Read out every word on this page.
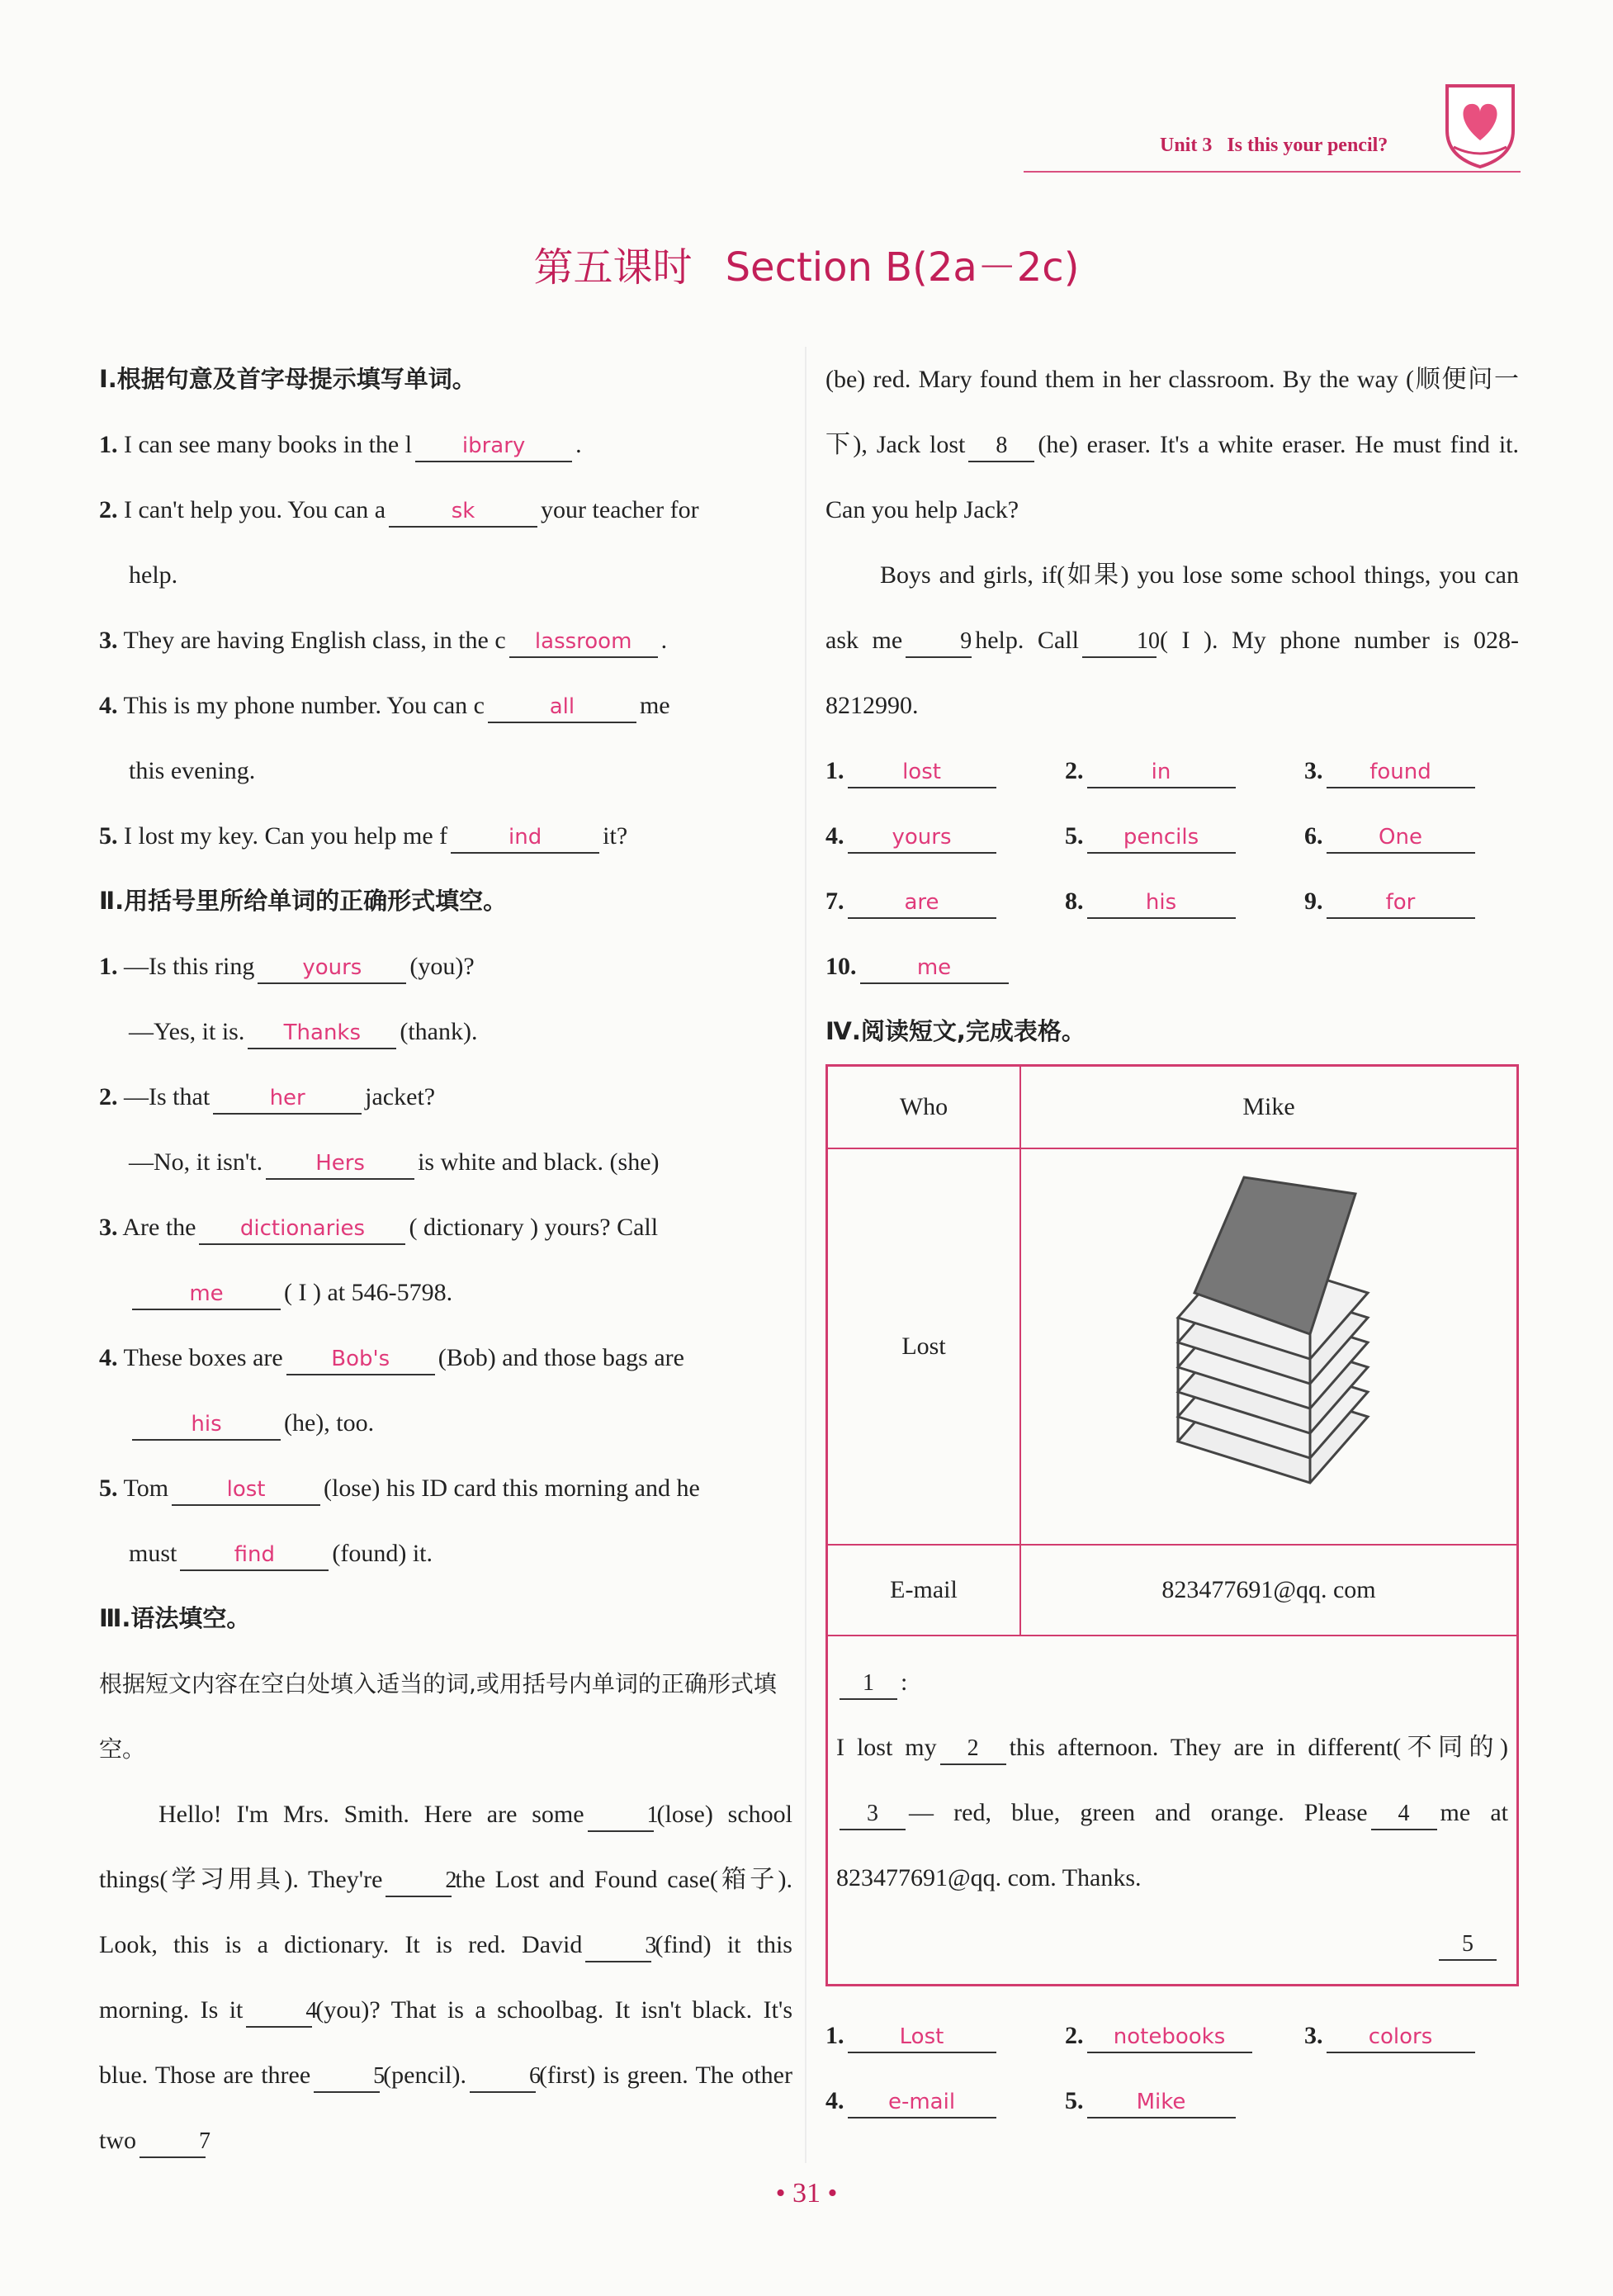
Unit 3 Is this your pencil?
第五课时 Section B(2a－2c)
Ⅰ.根据句意及首字母提示填写单词。
1. I can see many books in the l ibrary .
2. I can't help you. You can a	sk	your teacher for
help.
3. They are having English class, in the c lassroom .
4. This is my phone number. You can c	all	me
this evening.
5. I lost my key. Can you help me f	ind it?
Ⅱ.用括号里所给单词的正确形式填空。
1. —Is this ring yours (you)?
—Yes, it is. Thanks (thank).
2. —Is that	her jacket?
—No, it isn't. Hers is white and black. (she)
3. Are the dictionaries ( dictionary ) yours? Call
me ( I ) at 546-5798.
4. These boxes are Bob's (Bob) and those bags are
his	(he), too.
5. Tom	lost (lose) his ID card this morning and he
must	find (found) it.
Ⅲ.语法填空。
根据短文内容在空白处填入适当的词,或用括号内单词的正确形式填空。
Hello! I'm Mrs. Smith. Here are some	1(lose) school things(学习用具). They're	2the Lost and Found case(箱子). Look, this is a dictionary. It is red. David	3(find) it this morning. Is it	4(you)? That is a schoolbag. It isn't black. It's blue. Those are three	5(pencil).	6(first) is green. The other two	7
(be) red. Mary found them in her classroom. By the way (顺便问一下), Jack lost 8 (he) eraser. It's a white eraser. He must find it. Can you help Jack?
Boys and girls, if(如果) you lose some school things, you can ask me	9 help. Call	10( I ). My phone number is 028-8212990.
1.	lost	2.	in	3. found
4. yours	5. pencils	6.	One
7.	are	8.	his	9.	for
10.	me
Ⅳ.阅读短文,完成表格。
Who	Mike
Lost	
E-mail	823477691@qq. com

1 :
I lost my 2 this afternoon. They are in different(不同的)3 — red, blue, green and orange. Please 4 me at 823477691@qq. com. Thanks.
5	
1.	Lost	2. notebooks	3. colors
4. e-mail	5. Mike
• 31 •
